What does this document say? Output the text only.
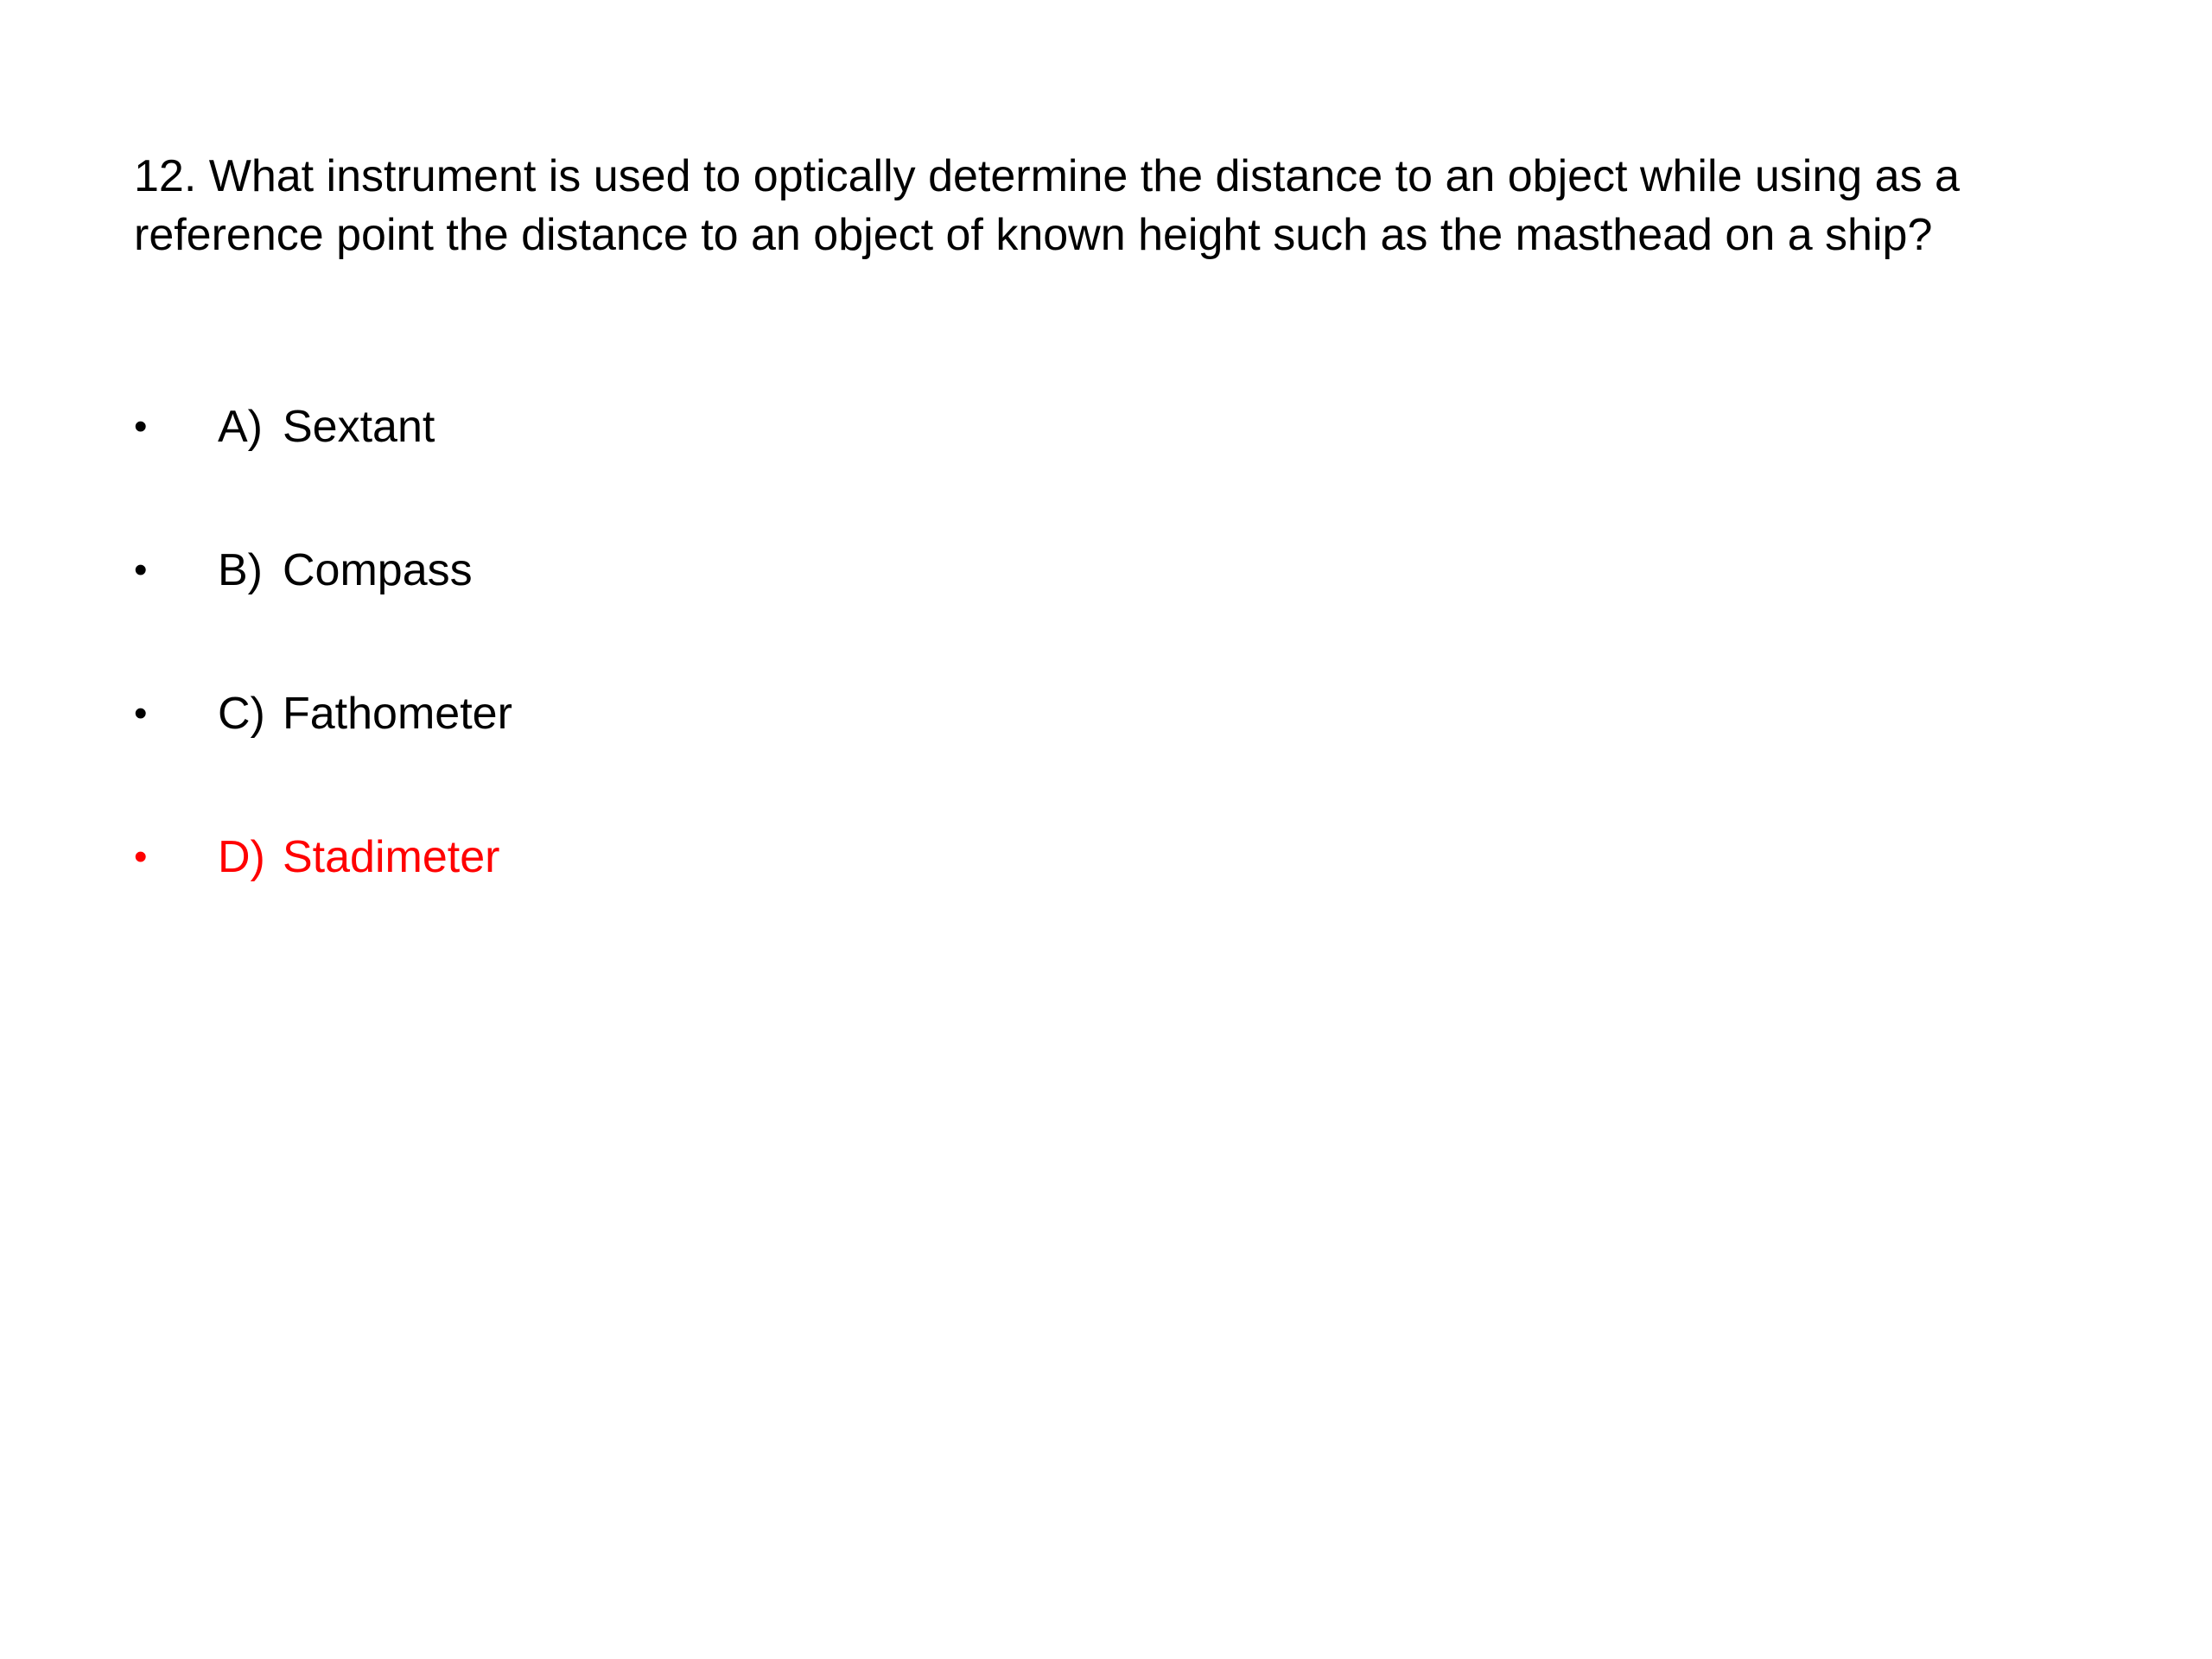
12. What instrument is used to optically determine the distance to an object while using as a reference point the distance to an object of known height such as the masthead on a ship?

• A) Sextant
• B) Compass
• C) Fathometer
• D) Stadimeter
